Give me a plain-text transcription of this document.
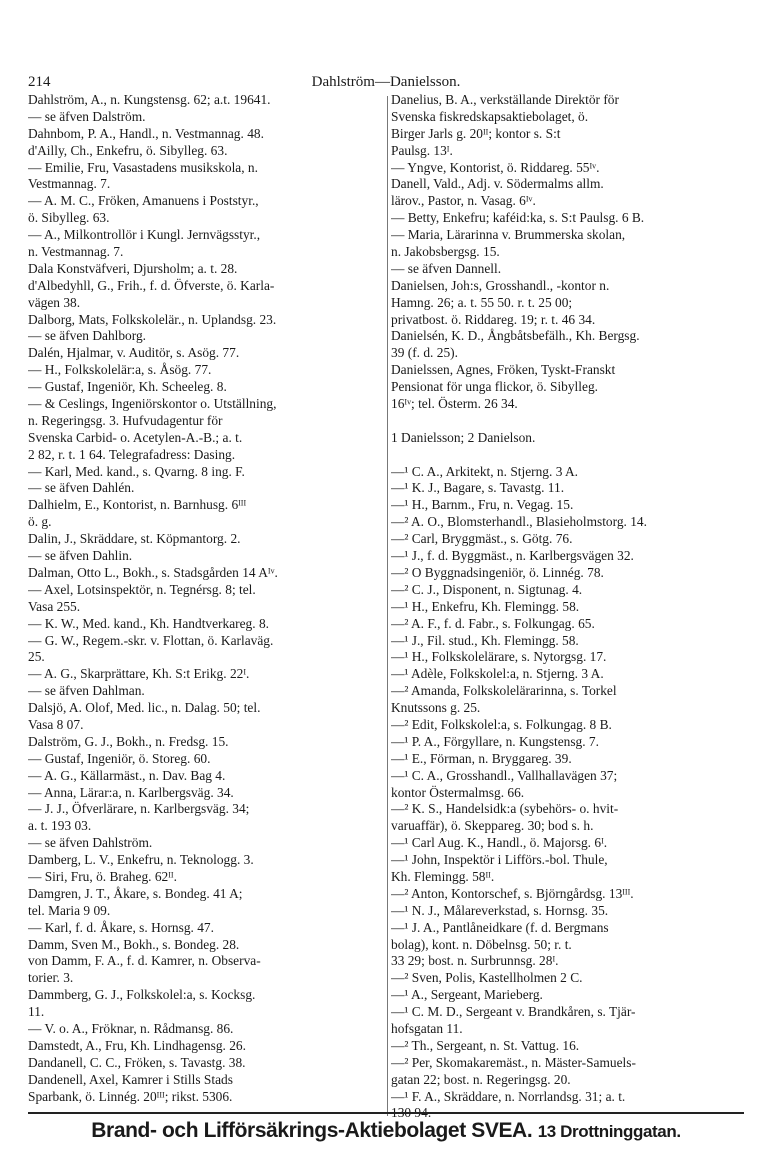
214	Dahlström—Danielsson.
Dahlström, A., n. Kungstensg. 62; a.t. 19641.
— se äfven Dalström.
Dahnbom, P. A., Handl., n. Vestmannag. 48.
d'Ailly, Ch., Enkefru, ö. Sibylleg. 63.
— Emilie, Fru, Vasastadens musikskola, n.
Vestmannag. 7.
— A. M. C., Fröken, Amanuens i Poststyr.,
ö. Sibylleg. 63.
— A., Milkontrollör i Kungl. Jernvägsstyr.,
n. Vestmannag. 7.
Dala Konstväfveri, Djursholm; a. t. 28.
d'Albedyhll, G., Frih., f. d. Öfverste, ö. Karla-
vägen 38.
Dalborg, Mats, Folkskolelär., n. Uplandsg. 23.
— se äfven Dahlborg.
Dalén, Hjalmar, v. Auditör, s. Asög. 77.
— H., Folkskolelär:a, s. Åsög. 77.
— Gustaf, Ingeniör, Kh. Scheeleg. 8.
— & Ceslings, Ingeniörskontor o. Utställning,
n. Regeringsg. 3. Hufvudagentur för
Svenska Carbid- o. Acetylen-A.-B.; a. t.
2 82, r. t. 1 64. Telegrafadress: Dasing.
— Karl, Med. kand., s. Qvarng. 8 ing. F.
— se äfven Dahlén.
Dalhielm, E., Kontorist, n. Barnhusg. 6ᴵᴵᴵ
ö. g.
Dalin, J., Skräddare, st. Köpmantorg. 2.
— se äfven Dahlin.
Dalman, Otto L., Bokh., s. Stadsgården 14 Aᴵᵛ.
— Axel, Lotsinspektör, n. Tegnérsg. 8; tel.
Vasa 255.
— K. W., Med. kand., Kh. Handtverkareg. 8.
— G. W., Regem.-skr. v. Flottan, ö. Karlaväg.
25.
— A. G., Skarprättare, Kh. S:t Erikg. 22ᴵ.
— se äfven Dahlman.
Dalsjö, A. Olof, Med. lic., n. Dalag. 50; tel.
Vasa 8 07.
Dalström, G. J., Bokh., n. Fredsg. 15.
— Gustaf, Ingeniör, ö. Storeg. 60.
— A. G., Källarmäst., n. Dav. Bag 4.
— Anna, Lärar:a, n. Karlbergsväg. 34.
— J. J., Öfverlärare, n. Karlbergsväg. 34;
a. t. 193 03.
— se äfven Dahlström.
Damberg, L. V., Enkefru, n. Teknologg. 3.
— Siri, Fru, ö. Braheg. 62ᴵᴵ.
Damgren, J. T., Åkare, s. Bondeg. 41 A;
tel. Maria 9 09.
— Karl, f. d. Åkare, s. Hornsg. 47.
Damm, Sven M., Bokh., s. Bondeg. 28.
von Damm, F. A., f. d. Kamrer, n. Observa-
toriег. 3.
Dammberg, G. J., Folkskolel:a, s. Kocksg.
11.
— V. o. A., Fröknar, n. Rådmansg. 86.
Damstedt, A., Fru, Kh. Lindhagensg. 26.
Dandanell, C. C., Fröken, s. Tavastg. 38.
Dandenell, Axel, Kamrer i Stills Stads
Sparbank, ö. Linnég. 20ᴵᴵᴵ; rikst. 5306.
Danelius, B. A., verkställande Direktör för
Svenska fiskredskapsaktiebolaget, ö.
Birger Jarls g. 20ᴵᴵ; kontor s. S:t
Paulsg. 13ᴵ.
— Yngve, Kontorist, ö. Riddareg. 55ᴵᵛ.
Danell, Vald., Adj. v. Södermalms allm.
lärov., Pastor, n. Vasag. 6ᴵᵛ.
— Betty, Enkefru; kaféid:ka, s. S:t Paulsg. 6 B.
— Maria, Lärarinna v. Brummerska skolan,
n. Jakobsbergsg. 15.
— se äfven Dannell.
Danielsen, Joh:s, Grosshandl., -kontor n.
Hamng. 26; a. t. 55 50. r. t. 25 00;
privatbost. ö. Riddareg. 19; r. t. 46 34.
Danielsén, K. D., Ångbåtsbefälh., Kh. Bergsg.
39 (f. d. 25).
Danielssen, Agnes, Fröken, Tyskt-Franskt
Pensionat för unga flickor, ö. Sibylleg.
16ᴵᵛ; tel. Österm. 26 34.
1 Danielsson; 2 Danielson.
—¹ C. A., Arkitekt, n. Stjerng. 3 A.
—¹ K. J., Bagare, s. Tavastg. 11.
—¹ H., Barnm., Fru, n. Vegag. 15.
—² A. O., Blomsterhandl., Blasieholmstorg. 14.
—² Carl, Bryggmäst., s. Götg. 76.
—¹ J., f. d. Byggmäst., n. Karlbergsvägen 32.
—² O Byggnadsingeniör, ö. Linnég. 78.
—² C. J., Disponent, n. Sigtunag. 4.
—¹ H., Enkefru, Kh. Flemingg. 58.
—² A. F., f. d. Fabr., s. Folkungag. 65.
—¹ J., Fil. stud., Kh. Flemingg. 58.
—¹ H., Folkskolelärare, s. Nytorgsg. 17.
—¹ Adèle, Folkskolel:a, n. Stjerng. 3 A.
—² Amanda, Folkskolelärarinna, s. Torkel
Knutssons g. 25.
—² Edit, Folkskolel:a, s. Folkungag. 8 B.
—¹ P. A., Förgyllare, n. Kungstensg. 7.
—¹ E., Förman, n. Bryggareg. 39.
—¹ C. A., Grosshandl., Vallhallavägen 37;
kontor Östermalmsg. 66.
—² K. S., Handelsidk:a (sybehörs- o. hvit-
varuaffär), ö. Skeppareg. 30; bod s. h.
—¹ Carl Aug. K., Handl., ö. Majorsg. 6ᴵ.
—¹ John, Inspektör i Lifförs.-bol. Thule,
Kh. Flemingg. 58ᴵᴵ.
—² Anton, Kontorschef, s. Björngårdsg. 13ᴵᴵᴵ.
—¹ N. J., Målareverkstad, s. Hornsg. 35.
—¹ J. A., Pantlåneidkare (f. d. Bergmans
bolag), kont. n. Döbelnsg. 50; r. t.
33 29; bost. n. Surbrunnsg. 28ᴵ.
—² Sven, Polis, Kastellholmen 2 C.
—¹ A., Sergeant, Marieberg.
—¹ C. M. D., Sergeant v. Brandkåren, s. Tjär-
hofsgatan 11.
—² Th., Sergeant, n. St. Vattug. 16.
—² Per, Skomakaremäst., n. Mäster-Samuels-
gatan 22; bost. n. Regeringsg. 20.
—¹ F. A., Skräddare, n. Norrlandsg. 31; a. t.
130 94.
Brand- och Lifförsäkrings-Aktiebolaget SVEA. 13 Drottninggatan.
